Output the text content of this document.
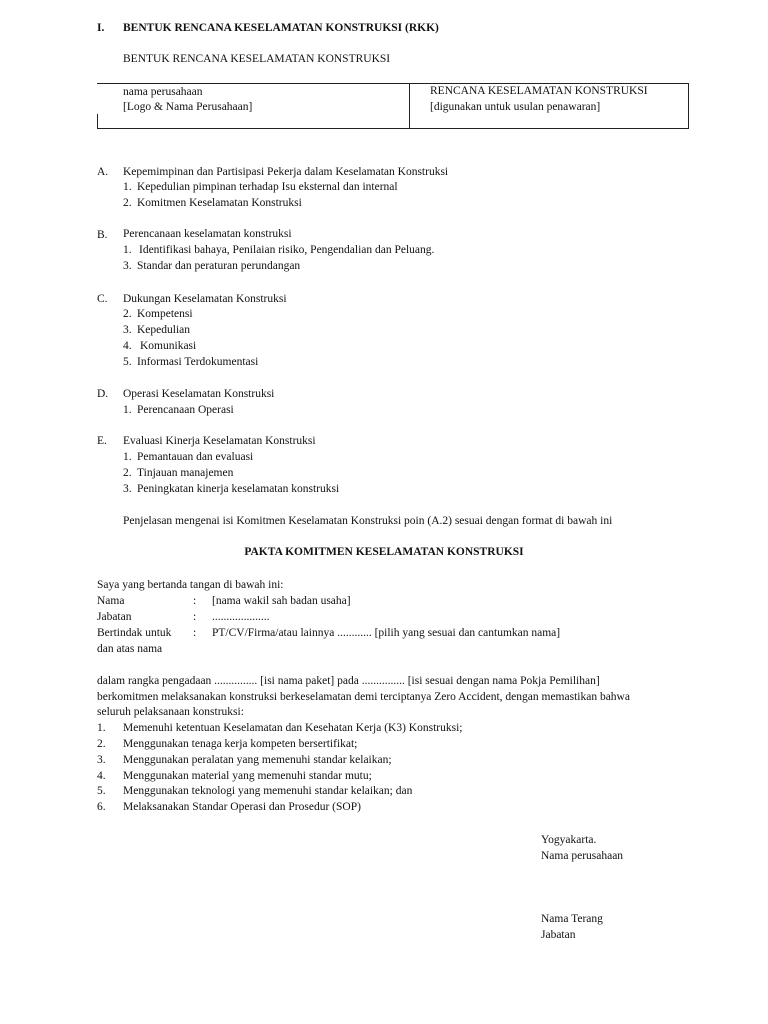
I. BENTUK RENCANA KESELAMATAN KONSTRUKSI (RKK)
BENTUK RENCANA KESELAMATAN KONSTRUKSI
nama perusahaan
[Logo & Nama Perusahaan]
RENCANA KESELAMATAN KONSTRUKSI
[digunakan untuk usulan penawaran]
A. Kepemimpinan dan Partisipasi Pekerja dalam Keselamatan Konstruksi
1. Kepedulian pimpinan terhadap Isu eksternal dan internal
2. Komitmen Keselamatan Konstruksi
B. Perencanaan keselamatan konstruksi
1. Identifikasi bahaya, Penilaian risiko, Pengendalian dan Peluang.
3. Standar dan peraturan perundangan
C. Dukungan Keselamatan Konstruksi
2. Kompetensi
3. Kepedulian
4. Komunikasi
5. Informasi Terdokumentasi
D. Operasi Keselamatan Konstruksi
1. Perencanaan Operasi
E. Evaluasi Kinerja Keselamatan Konstruksi
1. Pemantauan dan evaluasi
2. Tinjauan manajemen
3. Peningkatan kinerja keselamatan konstruksi
Penjelasan mengenai isi Komitmen Keselamatan Konstruksi poin (A.2) sesuai dengan format di bawah ini
PAKTA KOMITMEN KESELAMATAN KONSTRUKSI
Saya yang bertanda tangan di bawah ini:
Nama	: [nama wakil sah badan usaha]
Jabatan	: ....................
Bertindak untuk : PT/CV/Firma/atau lainnya ............ [pilih yang sesuai dan cantumkan nama]
dan atas nama
dalam rangka pengadaan ............... [isi nama paket] pada ............... [isi sesuai dengan nama Pokja Pemilihan]
berkomitmen melaksanakan konstruksi berkeselamatan demi terciptanya Zero Accident, dengan memastikan bahwa
seluruh pelaksanaan konstruksi:
1. Memenuhi ketentuan Keselamatan dan Kesehatan Kerja (K3) Konstruksi;
2. Menggunakan tenaga kerja kompeten bersertifikat;
3. Menggunakan peralatan yang memenuhi standar kelaikan;
4. Menggunakan material yang memenuhi standar mutu;
5. Menggunakan teknologi yang memenuhi standar kelaikan; dan
6. Melaksanakan Standar Operasi dan Prosedur (SOP)
Yogyakarta.
Nama perusahaan
Nama Terang
Jabatan
